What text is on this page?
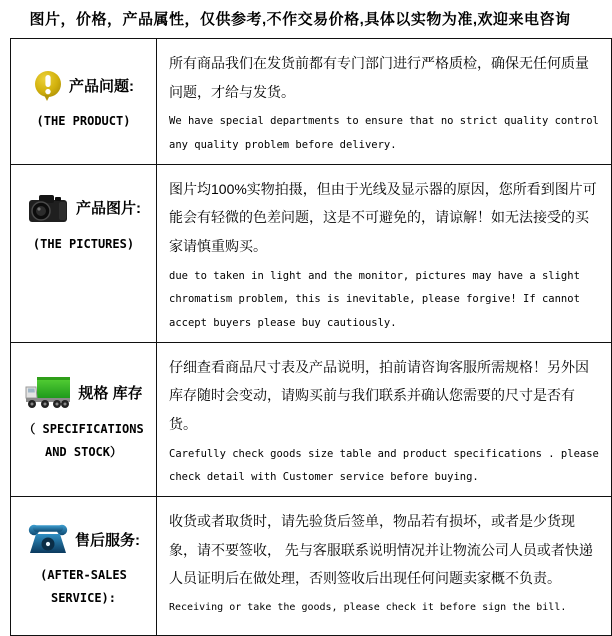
图片，价格，产品属性，仅供参考,不作交易价格,具体以实物为准,欢迎来电咨询
产品问题:
(THE PRODUCT)

所有商品我们在发货前都有专门部门进行严格质检，确保无任何质量问题，才给与发货。
We have special departments to ensure that no strict quality control any quality problem before delivery.

产品图片:
(THE PICTURES)

图片均100%实物拍摄，但由于光线及显示器的原因，您所看到图片可能会有轻微的色差问题，这是不可避免的，请谅解！如无法接受的买家请慎重购买。
due to taken in light and the monitor, pictures may have a slight chromatism problem, this is inevitable, please forgive! If cannot accept buyers please buy cautiously.

规格 库存
（ SPECIFICATIONS AND STOCK）

仔细查看商品尺寸表及产品说明，拍前请咨询客服所需规格！另外因库存随时会变动，请购买前与我们联系并确认您需要的尺寸是否有货。
Carefully check goods size table and product specifications . please check detail with Customer service before buying.

售后服务:
(AFTER-SALES SERVICE):

收货或者取货时，请先验货后签单，物品若有损坏，或者是少货现象，请不要签收， 先与客服联系说明情况并让物流公司人员或者快递人员证明后在做处理，否则签收后出现任何问题卖家概不负责。
Receiving or take the goods, please check it before sign the bill.
